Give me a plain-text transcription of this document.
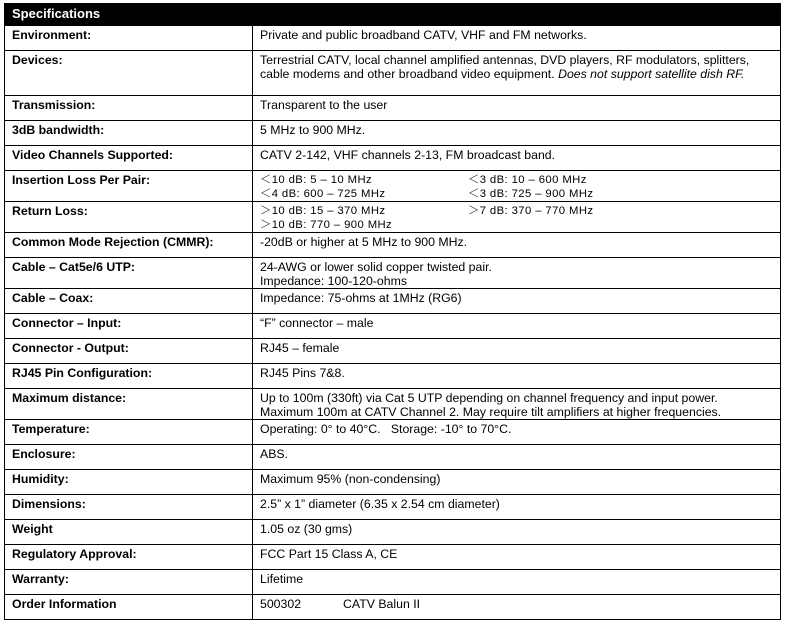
Specifications	
Environment:	Private and public broadband CATV, VHF and FM networks.
Devices:	Terrestrial CATV, local channel amplified antennas, DVD players, RF modulators, splitters, cable modems and other broadband video equipment. Does not support satellite dish RF.
Transmission:	Transparent to the user
3dB bandwidth:	5 MHz to 900 MHz.
Video Channels Supported:	CATV 2-142, VHF channels 2-13, FM broadcast band.
Insertion Loss Per Pair:	＜10 dB: 5 – 10 MHz ＜3 dB: 10 – 600 MHz
＜4 dB: 600 – 725 MHz ＜3 dB: 725 – 900 MHz

Return Loss:	＞10 dB: 15 – 370 MHz ＞7 dB: 370 – 770 MHz
＞10 dB: 770 – 900 MHz

Common Mode Rejection (CMMR):	-20dB or higher at 5 MHz to 900 MHz.
Cable – Cat5e/6 UTP:	24-AWG or lower solid copper twisted pair.
Impedance: 100-120-ohms

Cable – Coax:	Impedance: 75-ohms at 1MHz (RG6)
Connector – Input:	“F” connector – male
Connector - Output:	RJ45 – female
RJ45 Pin Configuration:	RJ45 Pins 7&8.
Maximum distance:	Up to 100m (330ft) via Cat 5 UTP depending on channel frequency and input power.
Maximum 100m at CATV Channel 2. May require tilt amplifiers at higher frequencies.

Temperature:	Operating: 0° to 40°C.   Storage: -10° to 70°C.
Enclosure:	ABS.
Humidity:	Maximum 95% (non-condensing)
Dimensions:	2.5” x 1” diameter (6.35 x 2.54 cm diameter)
Weight	1.05 oz (30 gms)
Regulatory Approval:	FCC Part 15 Class A, CE
Warranty:	Lifetime
Order Information	500302 CATV Balun II
